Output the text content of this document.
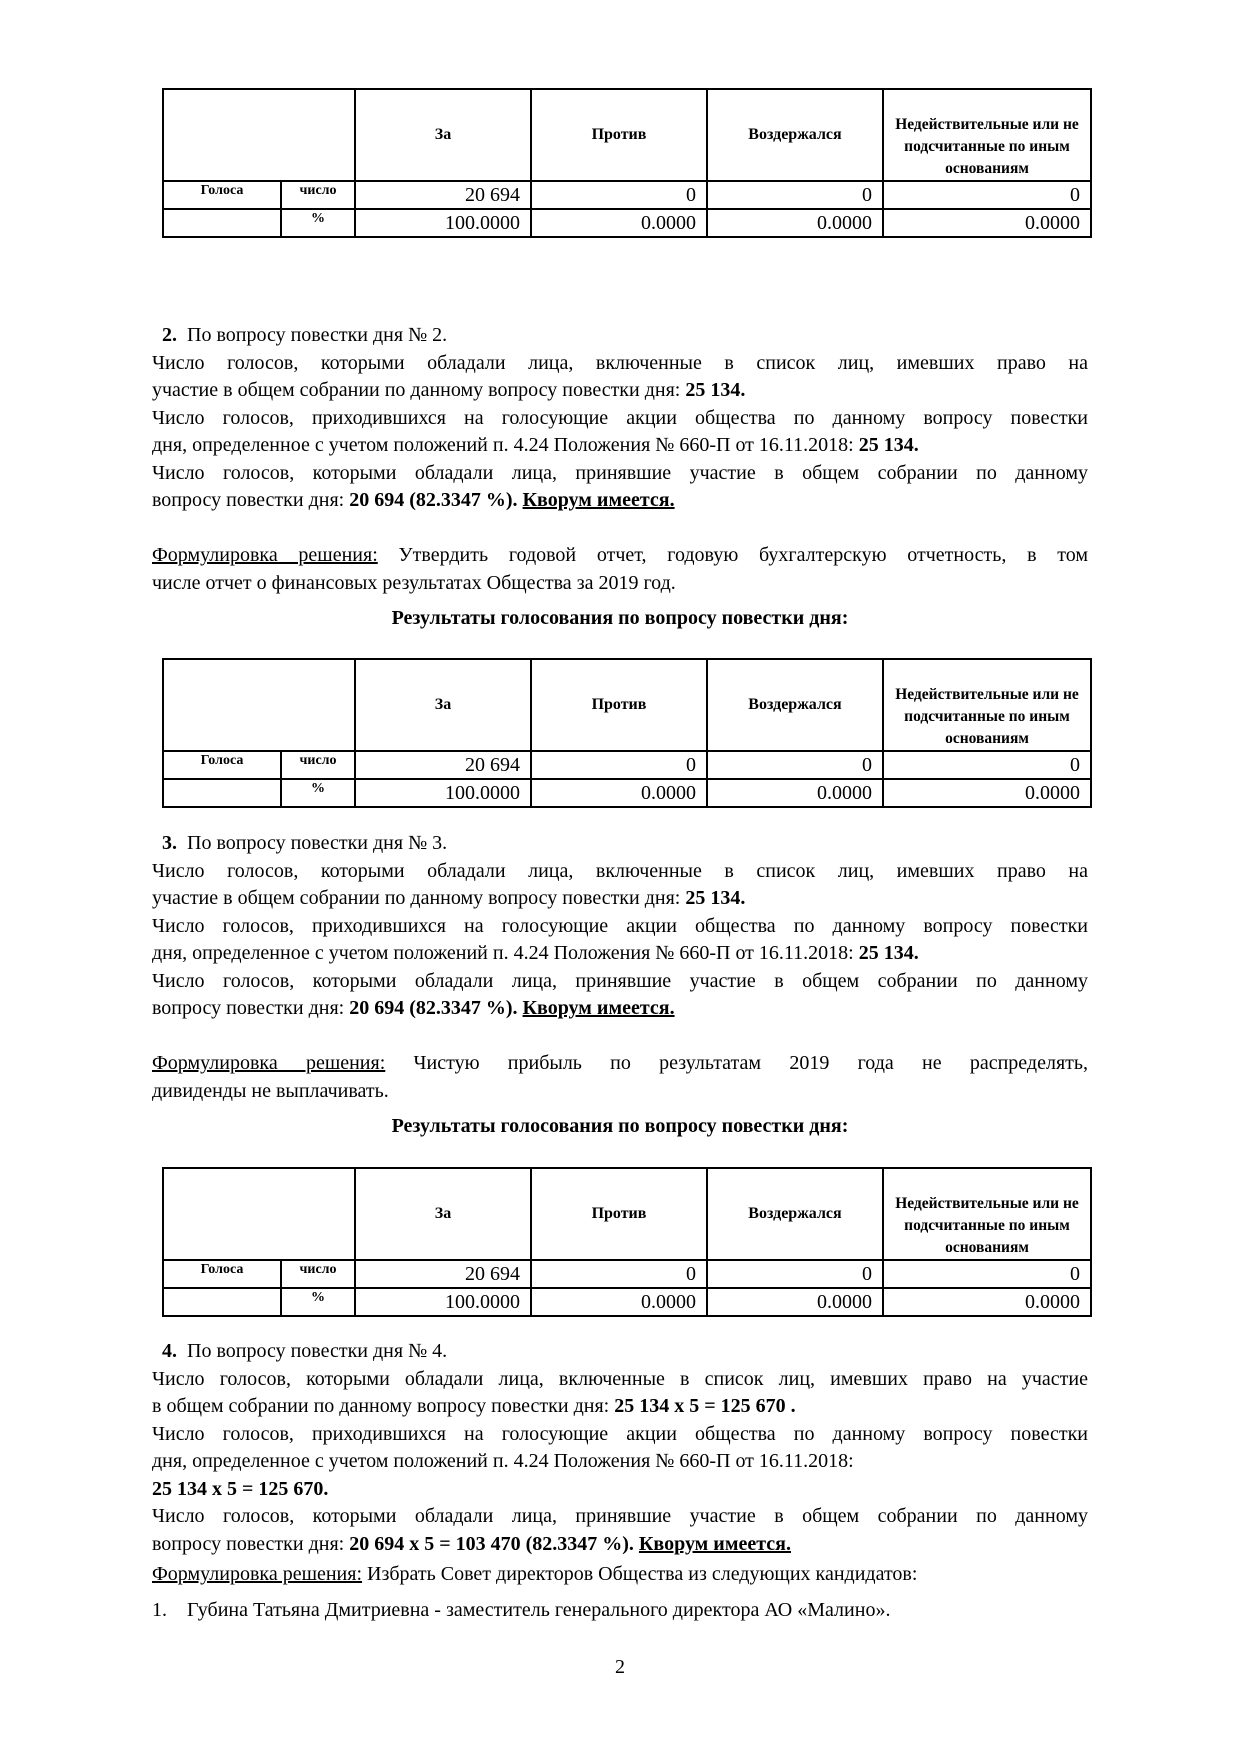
		За	Против	Воздержался	Недействительные или не подсчитанные по иным основаниям
Голоса	число	20 694	0	0	0
	%	100.0000	0.0000	0.0000	0.0000
2. По вопросу повестки дня № 2.
Число голосов, которыми обладали лица, включенные в список лиц, имевших право на
участие в общем собрании по данному вопросу повестки дня: 25 134.
Число голосов, приходившихся на голосующие акции общества по данному вопросу повестки
дня, определенное с учетом положений п. 4.24 Положения № 660-П от 16.11.2018: 25 134.
Число голосов, которыми обладали лица, принявшие участие в общем собрании по данному
вопросу повестки дня: 20 694 (82.3347 %). Кворум имеется.
Формулировка решения: Утвердить годовой отчет, годовую бухгалтерскую отчетность, в том
числе отчет о финансовых результатах Общества за 2019 год.
Результаты голосования по вопросу повестки дня:
		За	Против	Воздержался	Недействительные или не подсчитанные по иным основаниям
Голоса	число	20 694	0	0	0
	%	100.0000	0.0000	0.0000	0.0000
3. По вопросу повестки дня № 3.
Число голосов, которыми обладали лица, включенные в список лиц, имевших право на
участие в общем собрании по данному вопросу повестки дня: 25 134.
Число голосов, приходившихся на голосующие акции общества по данному вопросу повестки
дня, определенное с учетом положений п. 4.24 Положения № 660-П от 16.11.2018: 25 134.
Число голосов, которыми обладали лица, принявшие участие в общем собрании по данному
вопросу повестки дня: 20 694 (82.3347 %). Кворум имеется.
Формулировка решения: Чистую прибыль по результатам 2019 года не распределять,
дивиденды не выплачивать.
Результаты голосования по вопросу повестки дня:
		За	Против	Воздержался	Недействительные или не подсчитанные по иным основаниям
Голоса	число	20 694	0	0	0
	%	100.0000	0.0000	0.0000	0.0000
4. По вопросу повестки дня № 4.
Число голосов, которыми обладали лица, включенные в список лиц, имевших право на участие
в общем собрании по данному вопросу повестки дня: 25 134 x 5 = 125 670 .
Число голосов, приходившихся на голосующие акции общества по данному вопросу повестки
дня, определенное с учетом положений п. 4.24 Положения № 660-П от 16.11.2018:
25 134 x 5 = 125 670.
Число голосов, которыми обладали лица, принявшие участие в общем собрании по данному
вопросу повестки дня: 20 694 x 5 = 103 470 (82.3347 %). Кворум имеется.
Формулировка решения: Избрать Совет директоров Общества из следующих кандидатов:
1. Губина Татьяна Дмитриевна - заместитель генерального директора АО «Малино».
2
